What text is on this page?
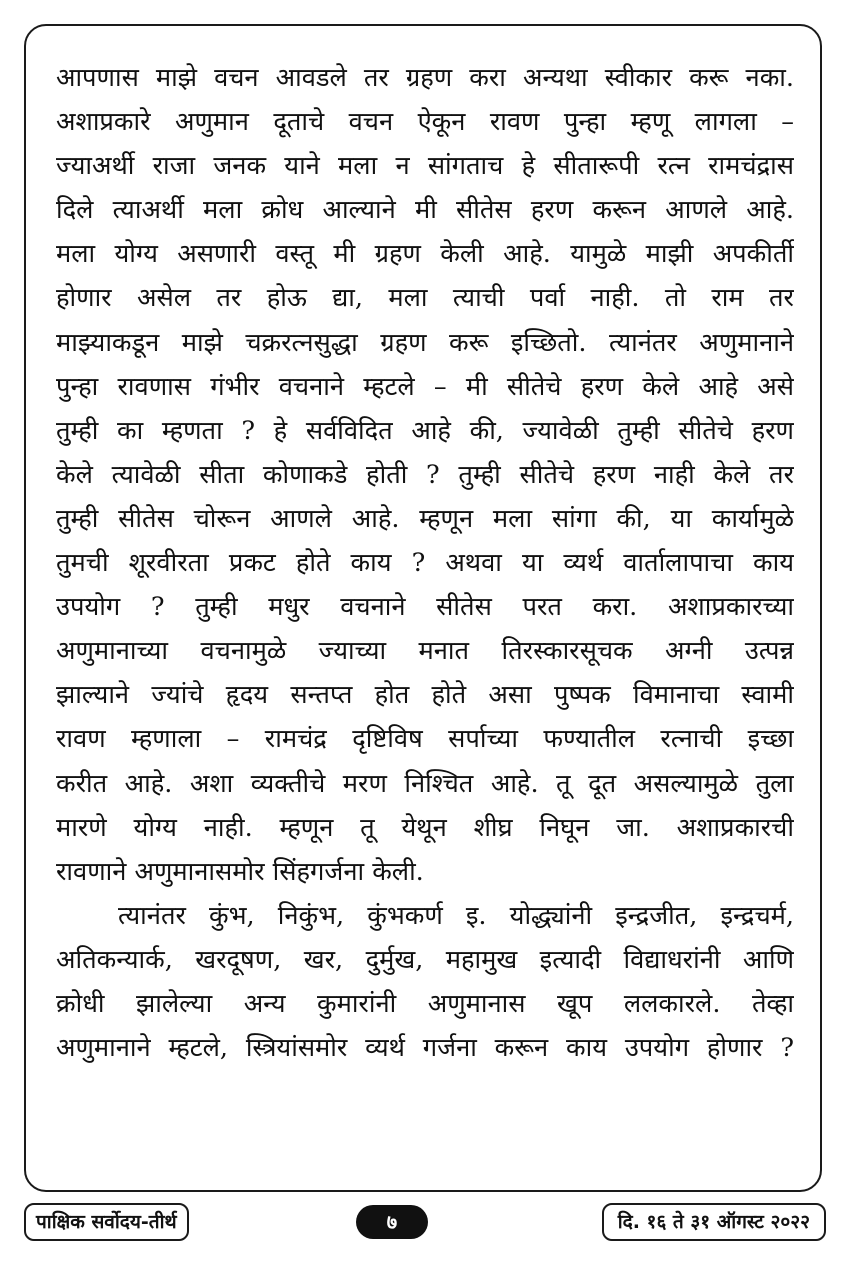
आपणास माझे वचन आवडले तर ग्रहण करा अन्यथा स्वीकार करू नका.
अशाप्रकारे अणुमान दूताचे वचन ऐकून रावण पुन्हा म्हणू लागला –
ज्याअर्थी राजा जनक याने मला न सांगताच हे सीतारूपी रत्न रामचंद्रास
दिले त्याअर्थी मला क्रोध आल्याने मी सीतेस हरण करून आणले आहे.
मला योग्य असणारी वस्तू मी ग्रहण केली आहे. यामुळे माझी अपकीर्ती
होणार असेल तर होऊ द्या, मला त्याची पर्वा नाही. तो राम तर
माझ्याकडून माझे चक्ररत्नसुद्धा ग्रहण करू इच्छितो. त्यानंतर अणुमानाने
पुन्हा रावणास गंभीर वचनाने म्हटले – मी सीतेचे हरण केले आहे असे
तुम्ही का म्हणता ? हे सर्वविदित आहे की, ज्यावेळी तुम्ही सीतेचे हरण
केले त्यावेळी सीता कोणाकडे होती ? तुम्ही सीतेचे हरण नाही केले तर
तुम्ही सीतेस चोरून आणले आहे. म्हणून मला सांगा की, या कार्यामुळे
तुमची शूरवीरता प्रकट होते काय ? अथवा या व्यर्थ वार्तालापाचा काय
उपयोग ? तुम्ही मधुर वचनाने सीतेस परत करा. अशाप्रकारच्या
अणुमानाच्या वचनामुळे ज्याच्या मनात तिरस्कारसूचक अग्नी उत्पन्न
झाल्याने ज्यांचे हृदय सन्तप्त होत होते असा पुष्पक विमानाचा स्वामी
रावण म्हणाला – रामचंद्र दृष्टिविष सर्पाच्या फण्यातील रत्नाची इच्छा
करीत आहे. अशा व्यक्तीचे मरण निश्चित आहे. तू दूत असल्यामुळे तुला
मारणे योग्य नाही. म्हणून तू येथून शीघ्र निघून जा. अशाप्रकारची
रावणाने अणुमानासमोर सिंहगर्जना केली.
त्यानंतर कुंभ, निकुंभ, कुंभकर्ण इ. योद्ध्यांनी इन्द्रजीत, इन्द्रचर्म,
अतिकन्यार्क, खरदूषण, खर, दुर्मुख, महामुख इत्यादी विद्याधरांनी आणि
क्रोधी झालेल्या अन्य कुमारांनी अणुमानास खूप ललकारले. तेव्हा
अणुमानाने म्हटले, स्त्रियांसमोर व्यर्थ गर्जना करून काय उपयोग होणार ?
पाक्षिक सर्वोदय-तीर्थ	७	दि. १६ ते ३१ ऑगस्ट २०२२
